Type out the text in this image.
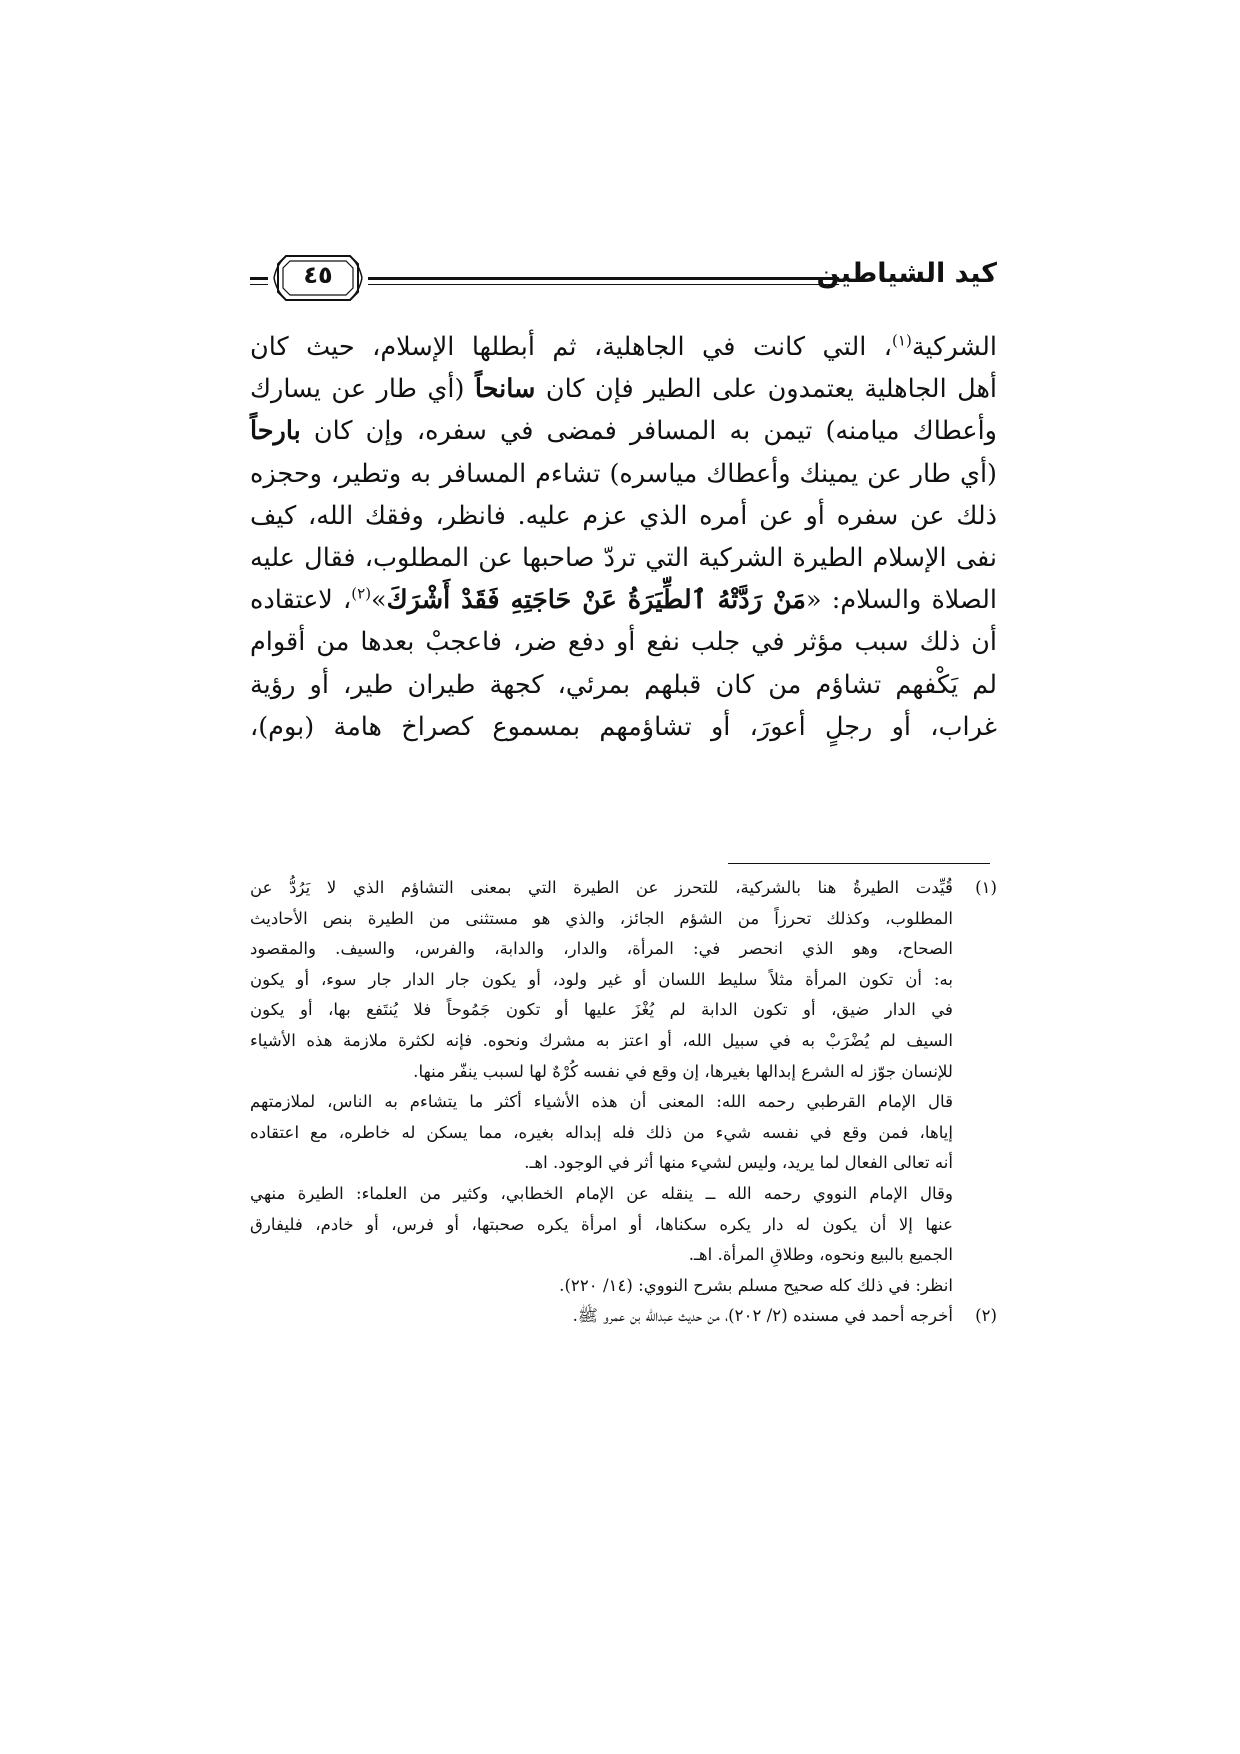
كيد الشياطين
٤٥
الشركية$^{(١)}$، التي كانت في الجاهلية، ثم أبطلها الإسلام، حيث كان
أهل الجاهلية يعتمدون على الطير فإن كان سانحاً (أي طار عن يسارك
وأعطاك ميامنه) تيمن به المسافر فمضى في سفره، وإن كان بارحاً
(أي طار عن يمينك وأعطاك مياسره) تشاءم المسافر به وتطير، وحجزه
ذلك عن سفره أو عن أمره الذي عزم عليه. فانظر، وفقك الله، كيف
نفى الإسلام الطيرة الشركية التي تردّ صاحبها عن المطلوب، فقال عليه
الصلاة والسلام: «مَنْ رَدَّتْهُ ٱلطِّيَرَةُ عَنْ حَاجَتِهِ فَقَدْ أَشْرَكَ»$^{(٢)}$، لاعتقاده
أن ذلك سبب مؤثر في جلب نفع أو دفع ضر، فاعجبْ بعدها من أقوام
لم يَكْفهم تشاؤم من كان قبلهم بمرئي، كجهة طيران طير، أو رؤية
غراب، أو رجلٍ أعورَ، أو تشاؤمهم بمسموع كصراخ هامة (بوم)،
(١)
قُيِّدت الطيرةُ هنا بالشركية، للتحرز عن الطيرة التي بمعنى التشاؤم الذي لا يَرُدُّ عن
المطلوب، وكذلك تحرزاً من الشؤم الجائز، والذي هو مستثنى من الطيرة بنص الأحاديث
الصحاح، وهو الذي انحصر في: المرأة، والدار، والدابة، والفرس، والسيف. والمقصود
به: أن تكون المرأة مثلاً سليط اللسان أو غير ولود، أو يكون جار الدار جار سوء، أو يكون
في الدار ضيق، أو تكون الدابة لم يُغْزَ عليها أو تكون جَمُوحاً فلا يُنتَفع بها، أو يكون
السيف لم يُضْرَبْ به في سبيل الله، أو اعتز به مشرك ونحوه. فإنه لكثرة ملازمة هذه الأشياء
للإنسان جوّز له الشرع إبدالها بغيرها، إن وقع في نفسه كُرْهٌ لها لسبب ينفّر منها.
قال الإمام القرطبي رحمه الله: المعنى أن هذه الأشياء أكثر ما يتشاءم به الناس، لملازمتهم
إياها، فمن وقع في نفسه شيء من ذلك فله إبداله بغيره، مما يسكن له خاطره، مع اعتقاده
أنه تعالى الفعال لما يريد، وليس لشيء منها أثر في الوجود. اهـ.
وقال الإمام النووي رحمه الله ــ ينقله عن الإمام الخطابي، وكثير من العلماء: الطيرة منهي
عنها إلا أن يكون له دار يكره سكناها، أو امرأة يكره صحبتها، أو فرس، أو خادم، فليفارق
الجميع بالبيع ونحوه، وطلاقِ المرأة. اهـ.
انظر: في ذلك كله صحيح مسلم بشرح النووي: (١٤/ ٢٢٠).
(٢)
أخرجه أحمد في مسنده (٢/ ٢٠٢)، من حديث عبدالله بن عمرو ﷺ.
